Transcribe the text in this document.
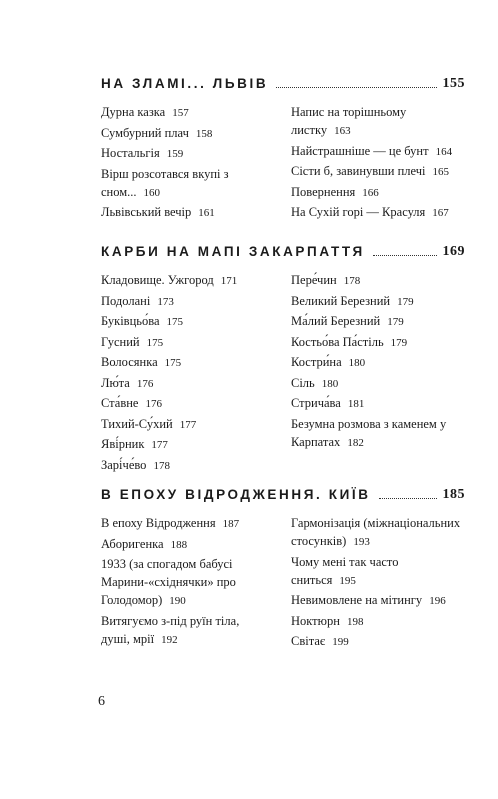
НА ЗЛАМІ... ЛЬВІВ	155
Дурна казка 157
Сумбурний плач 158
Ностальгія 159
Вірш розсотався вкупі з сном... 160
Львівський вечір 161
Напис на торішньому листку 163
Найстрашніше — це бунт 164
Сісти б, завинувши плечі 165
Повернення 166
На Сухій горі — Красуля 167
КАРБИ НА МАПІ ЗАКАРПАТТЯ	169
Кладовище. Ужгород 171
Подолані 173
Буківцьо́ва 175
Гусний 175
Волосянка 175
Лю́та 176
Ста́вне 176
Тихий-Су́хий 177
Яві́рник 177
Зарі́че́во 178
Пере́чин 178
Великий Березний 179
Ма́лий Березний 179
Костьо́ва Па́стіль 179
Костри́на 180
Сіль 180
Стрича́ва 181
Безумна розмова з каменем у Карпатах 182
В ЕПОХУ ВІДРОДЖЕННЯ. КИЇВ	185
В епоху Відродження 187
Аборигенка 188
1933 (за спогадом бабусі Марини-«східнячки» про Голодомор) 190
Витягуємо з-під руїн тіла, душі, мрії 192
Гармонізація (міжнаціональних стосунків) 193
Чому мені так часто сниться 195
Невимовлене на мітингу 196
Ноктюрн 198
Світає 199
6
